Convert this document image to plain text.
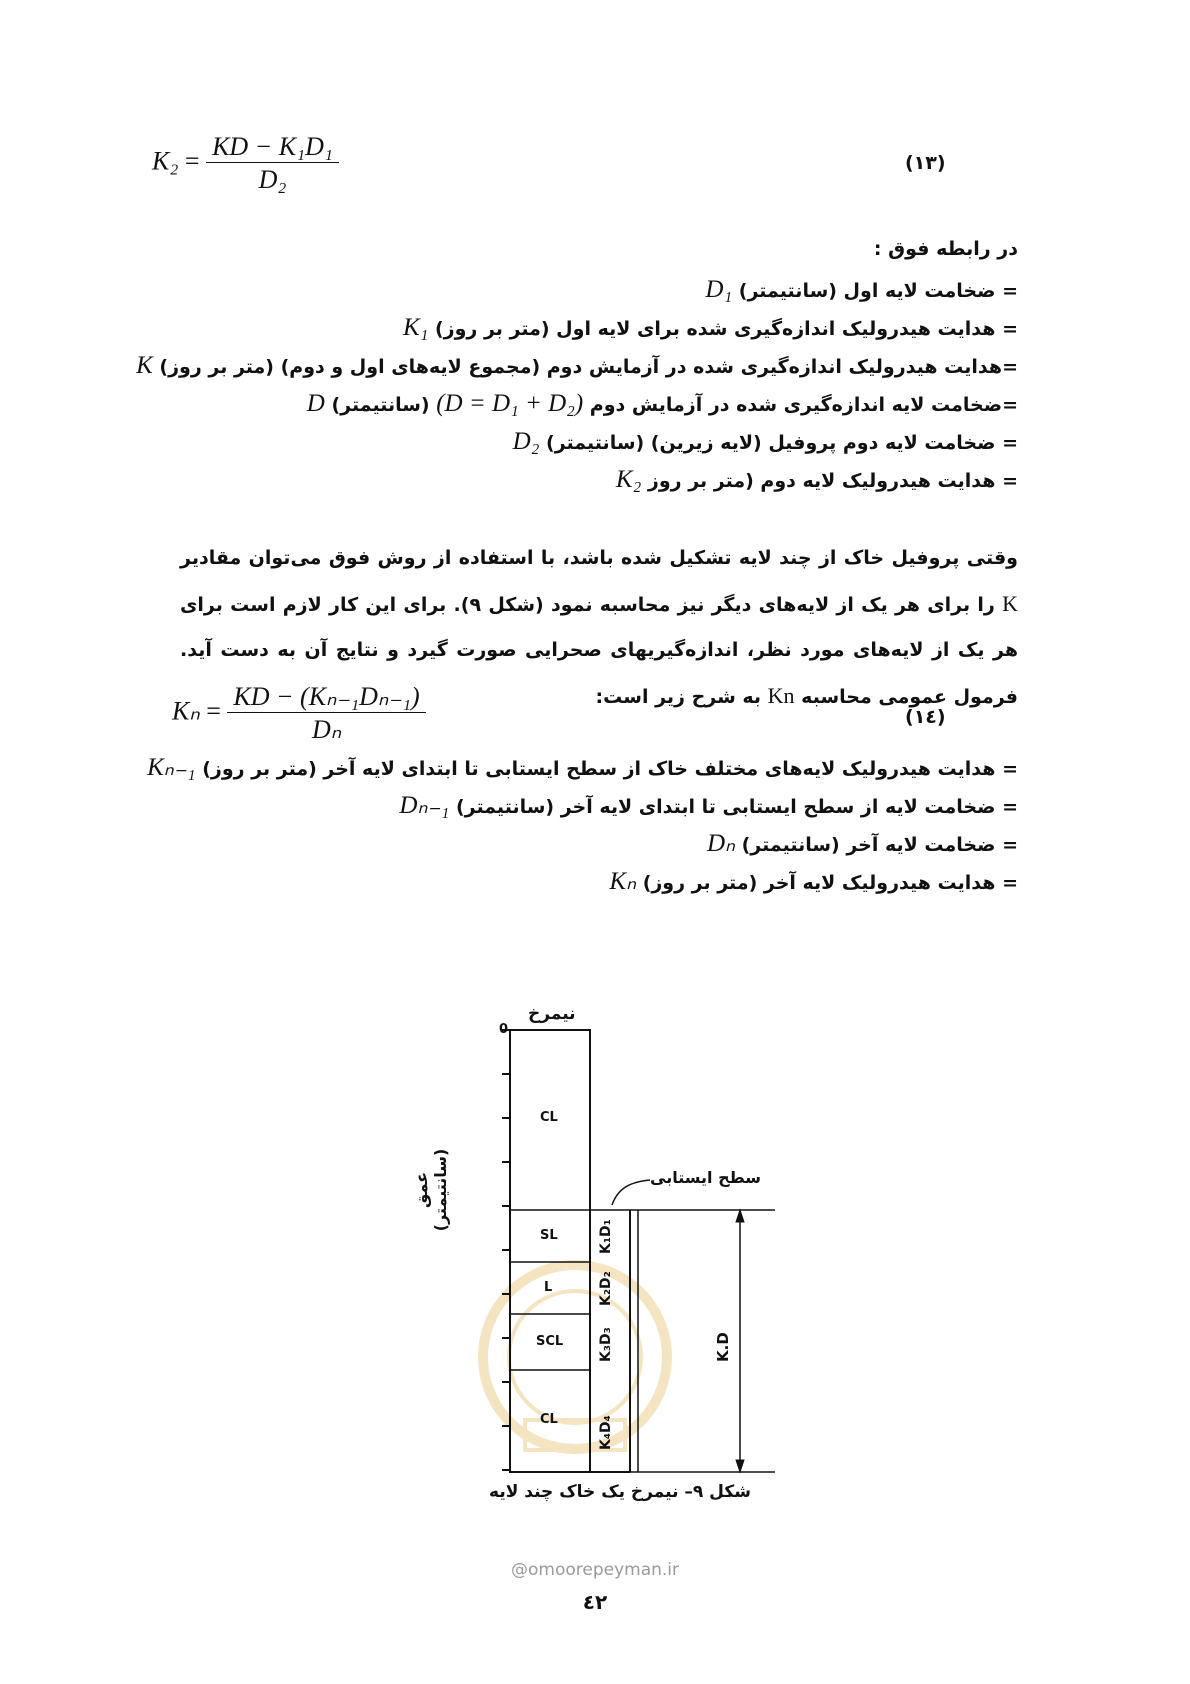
$K_2 = \frac{\text{KD − K₁D₁}}{\text{D₂}}$	(۱۳)
در رابطه فوق :
= ضخامت لایه اول (سانتیمتر) D₁
= هدایت هیدرولیک اندازه‌گیری شده برای لایه اول (متر بر روز) K₁
=هدایت هیدرولیک اندازه‌گیری شده در آزمایش دوم (مجموع لایه‌های اول و دوم) (متر بر روز) K
=ضخامت لایه اندازه‌گیری شده در آزمایش دوم (D = D₁ + D₂) (سانتیمتر) D
= ضخامت لایه دوم پروفیل (لایه زیرین) (سانتیمتر) D₂
= هدایت هیدرولیک لایه دوم (متر بر روز K₂
وقتی پروفیل خاک از چند لایه تشکیل شده باشد، با استفاده از روش فوق می‌توان مقادیر K را برای هر یک از لایه‌های دیگر نیز محاسبه نمود (شکل ۹). برای این کار لازم است برای هر یک از لایه‌های مورد نظر، اندازه‌گیریهای صحرایی صورت گیرد و نتایج آن به دست آید. فرمول عمومی محاسبه Kn به شرح زیر است:
$K_n = \frac{\text{KD − (Kₙ₋₁Dₙ₋₁)}}{\text{Dₙ}}$	(١٤)
= هدایت هیدرولیک لایه‌های مختلف خاک از سطح ایستابی تا ابتدای لایه آخر (متر بر روز) Kₙ₋₁
= ضخامت لایه از سطح ایستابی تا ابتدای لایه آخر (سانتیمتر) Dₙ₋₁
= ضخامت لایه آخر (سانتیمتر) Dₙ
= هدایت هیدرولیک لایه آخر (متر بر روز) Kₙ
نیمرخ
0
عمق (سانتیمتر)	سطح ایستابی
CL
SL
L
SCL
CL
K₁D₁
K₂D₂
K₃D₃
K₄D₄
K.D
شکل ۹– نیمرخ یک خاک چند لایه
@omoorepeyman.ir
٤٢
